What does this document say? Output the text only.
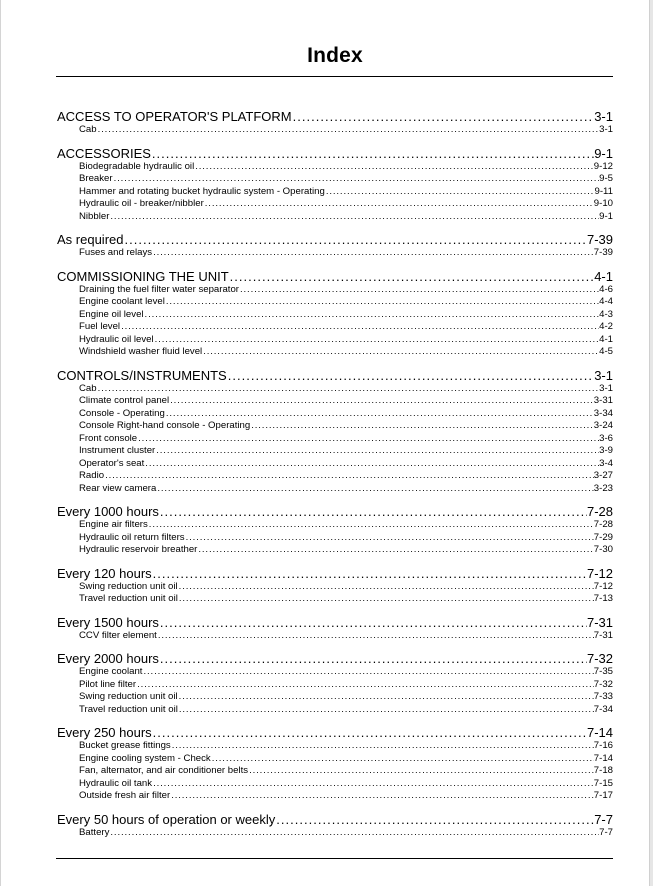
Index
ACCESS TO OPERATOR'S PLATFORM . . .	3-1
Cab . . .	3-1
ACCESSORIES . . .	9-1
Biodegradable hydraulic oil . . .	9-12
Breaker . . .	9-5
Hammer and rotating bucket hydraulic system - Operating . . .	9-11
Hydraulic oil - breaker/nibbler . . .	9-10
Nibbler . . .	9-1
As required . . .	7-39
Fuses and relays . . .	7-39
COMMISSIONING THE UNIT . . .	4-1
Draining the fuel filter water separator . . .	4-6
Engine coolant level . . .	4-4
Engine oil level . . .	4-3
Fuel level . . .	4-2
Hydraulic oil level . . .	4-1
Windshield washer fluid level . . .	4-5
CONTROLS/INSTRUMENTS . . .	3-1
Cab . . .	3-1
Climate control panel . . .	3-31
Console - Operating . . .	3-34
Console Right-hand console - Operating . . .	3-24
Front console . . .	3-6
Instrument cluster . . .	3-9
Operator's seat . . .	3-4
Radio . . .	3-27
Rear view camera . . .	3-23
Every 1000 hours . . .	7-28
Engine air filters . . .	7-28
Hydraulic oil return filters . . .	7-29
Hydraulic reservoir breather . . .	7-30
Every 120 hours . . .	7-12
Swing reduction unit oil . . .	7-12
Travel reduction unit oil . . .	7-13
Every 1500 hours . . .	7-31
CCV filter element . . .	7-31
Every 2000 hours . . .	7-32
Engine coolant . . .	7-35
Pilot line filter . . .	7-32
Swing reduction unit oil . . .	7-33
Travel reduction unit oil . . .	7-34
Every 250 hours . . .	7-14
Bucket grease fittings . . .	7-16
Engine cooling system - Check . . .	7-14
Fan, alternator, and air conditioner belts . . .	7-18
Hydraulic oil tank . . .	7-15
Outside fresh air filter . . .	7-17
Every 50 hours of operation or weekly . . .	7-7
Battery . . .	7-7
